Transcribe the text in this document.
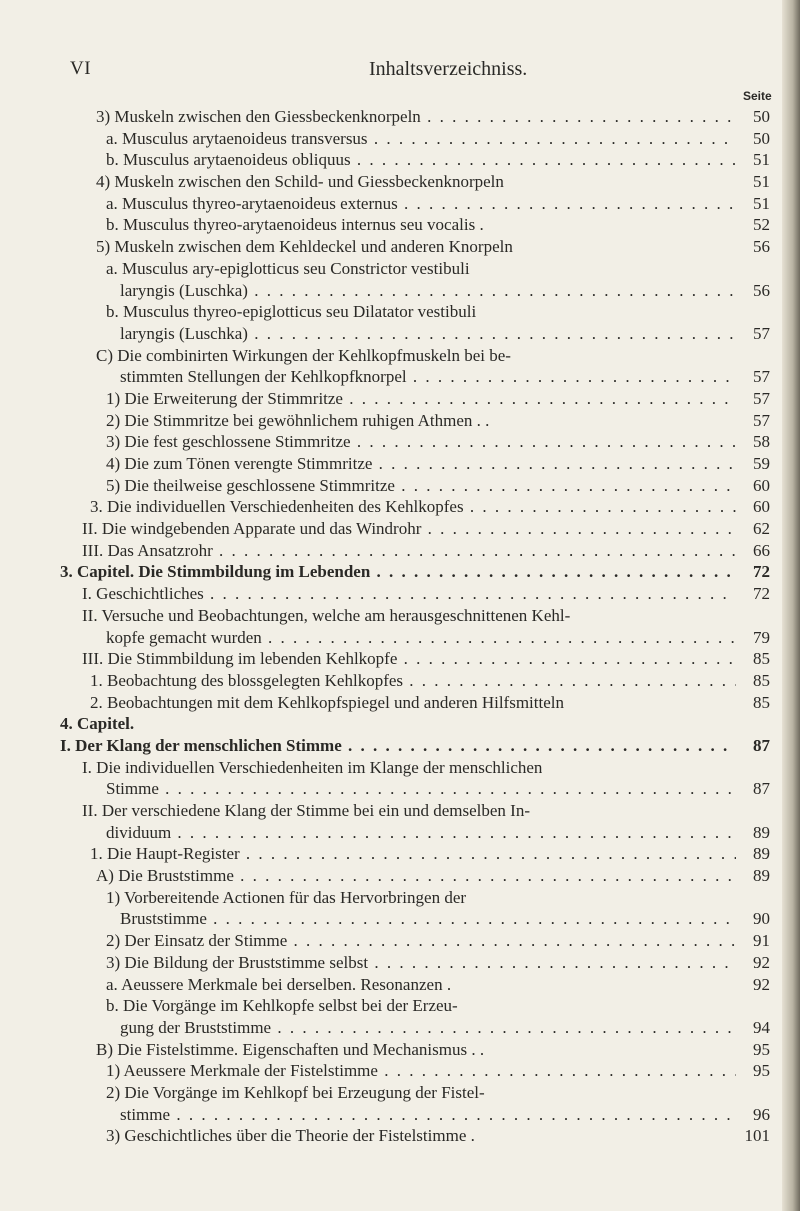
VI	Inhaltsverzeichniss.
Seite
3) Muskeln zwischen den Giessbeckenknorpeln . . .	50
a. Musculus arytaenoideus transversus . . .	50
b. Musculus arytaenoideus obliquus . . .	51
4) Muskeln zwischen den Schild- und Giessbeckenknorpeln	51
a. Musculus thyreo-arytaenoideus externus . . .	51
b. Musculus thyreo-arytaenoideus internus seu vocalis .	52
5) Muskeln zwischen dem Kehldeckel und anderen Knorpeln	56
a. Musculus ary-epiglotticus seu Constrictor vestibuli
laryngis (Luschka) . . .	56
b. Musculus thyreo-epiglotticus seu Dilatator vestibuli
laryngis (Luschka) . . .	57
C) Die combinirten Wirkungen der Kehlkopfmuskeln bei be-
stimmten Stellungen der Kehlkopfknorpel . . .	57
1) Die Erweiterung der Stimmritze . . .	57
2) Die Stimmritze bei gewöhnlichem ruhigen Athmen . .	57
3) Die fest geschlossene Stimmritze . . .	58
4) Die zum Tönen verengte Stimmritze . . .	59
5) Die theilweise geschlossene Stimmritze . . .	60
3. Die individuellen Verschiedenheiten des Kehlkopfes . . .	60
II. Die windgebenden Apparate und das Windrohr . . .	62
III. Das Ansatzrohr . . .	66
3. Capitel. Die Stimmbildung im Lebenden . . .	72
I. Geschichtliches . . .	72
II. Versuche und Beobachtungen, welche am herausgeschnittenen Kehl-
kopfe gemacht wurden . . .	79
III. Die Stimmbildung im lebenden Kehlkopfe . . .	85
1. Beobachtung des blossgelegten Kehlkopfes . . .	85
2. Beobachtungen mit dem Kehlkopfspiegel und anderen Hilfsmitteln	85
4. Capitel.
I. Der Klang der menschlichen Stimme . . .	87
I. Die individuellen Verschiedenheiten im Klange der menschlichen
Stimme . . .	87
II. Der verschiedene Klang der Stimme bei ein und demselben In-
dividuum . . .	89
1. Die Haupt-Register . . .	89
A) Die Bruststimme . . .	89
1) Vorbereitende Actionen für das Hervorbringen der
Bruststimme . . .	90
2) Der Einsatz der Stimme . . .	91
3) Die Bildung der Bruststimme selbst . . .	92
a. Aeussere Merkmale bei derselben. Resonanzen .	92
b. Die Vorgänge im Kehlkopfe selbst bei der Erzeu-
gung der Bruststimme . . .	94
B) Die Fistelstimme. Eigenschaften und Mechanismus . .	95
1) Aeussere Merkmale der Fistelstimme . . .	95
2) Die Vorgänge im Kehlkopf bei Erzeugung der Fistel-
stimme . . .	96
3) Geschichtliches über die Theorie der Fistelstimme .	101
